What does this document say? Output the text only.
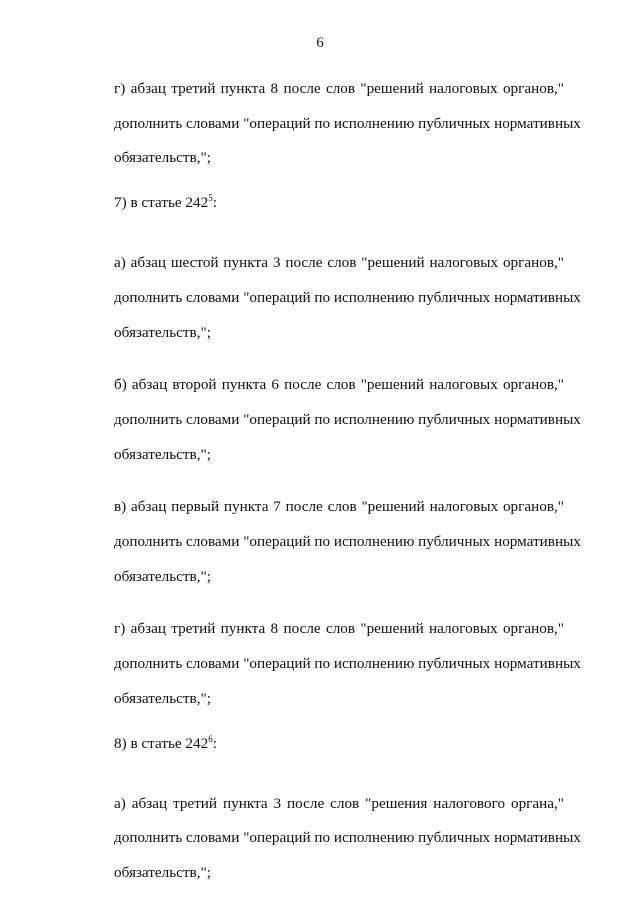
6

г) абзац третий пункта 8 после слов "решений налоговых органов,"
дополнить словами "операций по исполнению публичных нормативных
обязательств,";

7) в статье $242^5$:

а) абзац шестой пункта 3 после слов "решений налоговых органов,"
дополнить словами "операций по исполнению публичных нормативных
обязательств,";

б) абзац второй пункта 6 после слов "решений налоговых органов,"
дополнить словами "операций по исполнению публичных нормативных
обязательств,";

в) абзац первый пункта 7 после слов "решений налоговых органов,"
дополнить словами "операций по исполнению публичных нормативных
обязательств,";

г) абзац третий пункта 8 после слов "решений налоговых органов,"
дополнить словами "операций по исполнению публичных нормативных
обязательств,";

8) в статье $242^6$:

а) абзац третий пункта 3 после слов "решения налогового органа,"
дополнить словами "операций по исполнению публичных нормативных
обязательств,";
